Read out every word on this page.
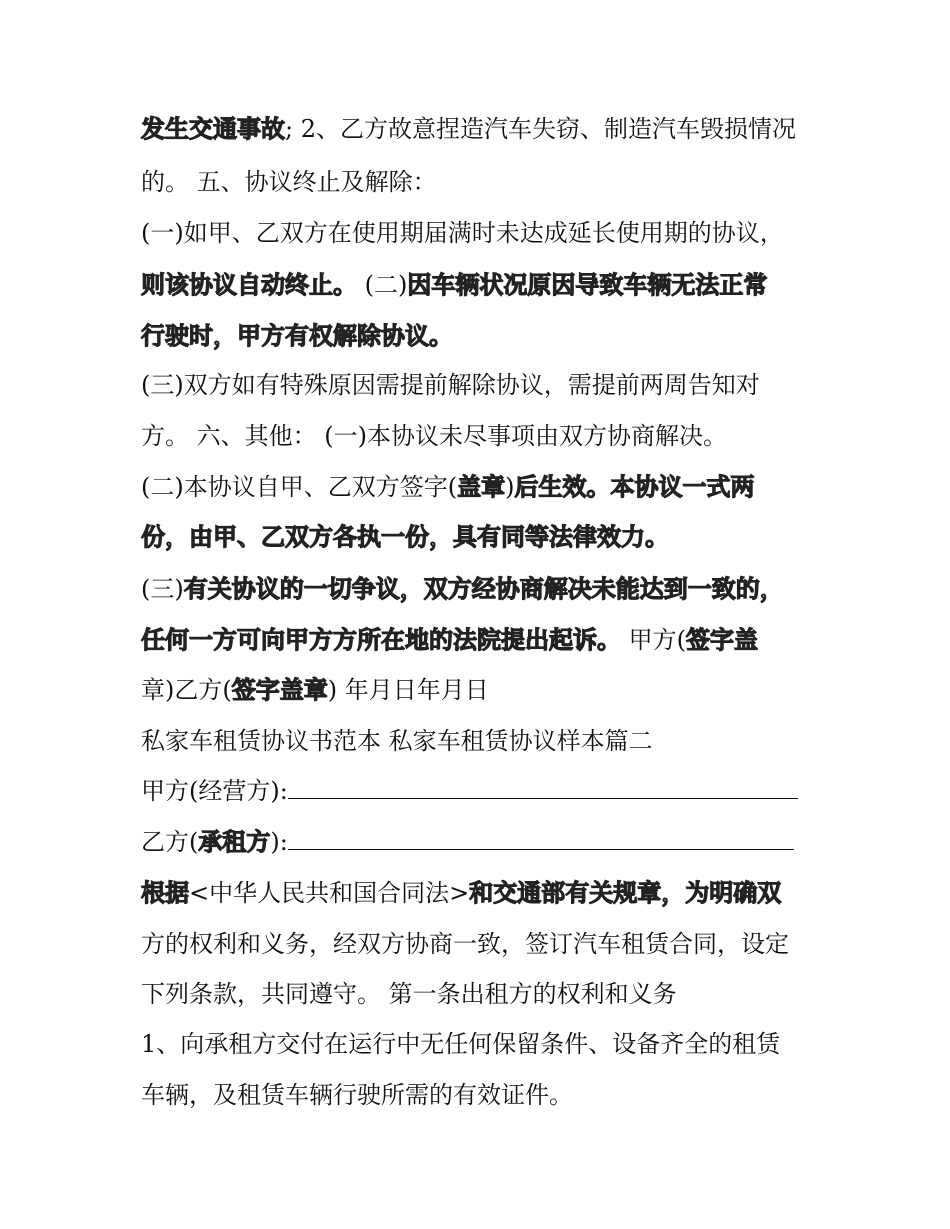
发生交通事故; 2、乙方故意捏造汽车失窃、制造汽车毁损情况
的。 五、协议终止及解除：
(一)如甲、乙双方在使用期届满时未达成延长使用期的协议，
则该协议自动终止。 (二)因车辆状况原因导致车辆无法正常
行驶时，甲方有权解除协议。
(三)双方如有特殊原因需提前解除协议，需提前两周告知对
方。 六、其他： (一)本协议未尽事项由双方协商解决。
(二)本协议自甲、乙双方签字(盖章)后生效。本协议一式两
份，由甲、乙双方各执一份，具有同等法律效力。
(三)有关协议的一切争议，双方经协商解决未能达到一致的，
任何一方可向甲方方所在地的法院提出起诉。 甲方(签字盖
章)乙方(签字盖章) 年月日年月日
私家车租赁协议书范本 私家车租赁协议样本篇二
甲方(经营方):
乙方(承租方):
根据<中华人民共和国合同法>和交通部有关规章，为明确双
方的权利和义务，经双方协商一致，签订汽车租赁合同，设定
下列条款，共同遵守。 第一条出租方的权利和义务
1、向承租方交付在运行中无任何保留条件、设备齐全的租赁
车辆，及租赁车辆行驶所需的有效证件。
